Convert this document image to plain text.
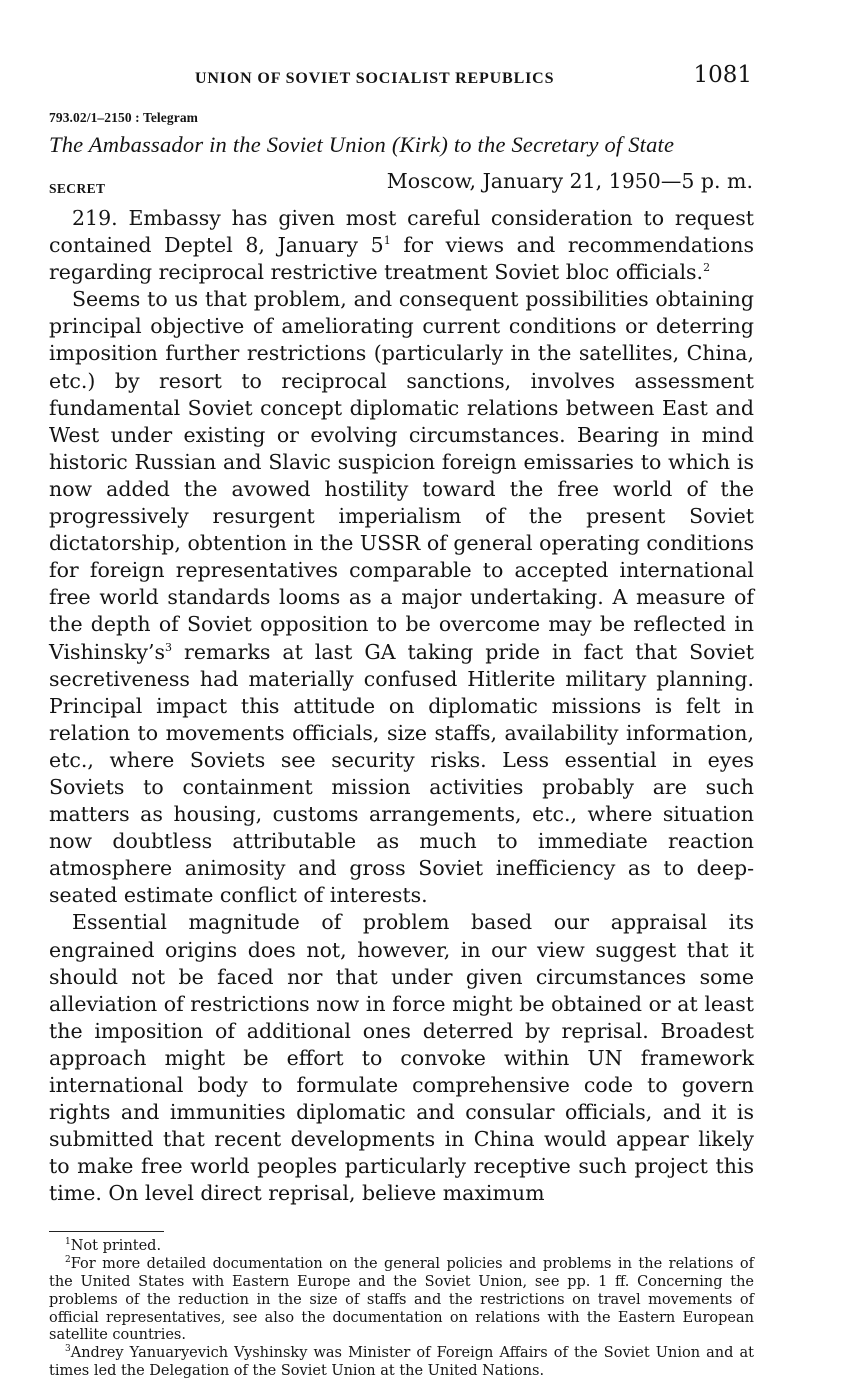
UNION OF SOVIET SOCIALIST REPUBLICS	1081
793.02/1–2150 : Telegram
The Ambassador in the Soviet Union (Kirk) to the Secretary of State
SECRET	Moscow, January 21, 1950—5 p. m.

219. Embassy has given most careful consideration to request contained Deptel 8, January $5^1$ for views and recommendations regarding reciprocal restrictive treatment Soviet bloc officials.$^2$

Seems to us that problem, and consequent possibilities obtaining principal objective of ameliorating current conditions or deterring imposition further restrictions (particularly in the satellites, China, etc.) by resort to reciprocal sanctions, involves assessment fundamental Soviet concept diplomatic relations between East and West under existing or evolving circumstances. Bearing in mind historic Russian and Slavic suspicion foreign emissaries to which is now added the avowed hostility toward the free world of the progressively resurgent imperialism of the present Soviet dictatorship, obtention in the USSR of general operating conditions for foreign representatives comparable to accepted international free world standards looms as a major undertaking. A measure of the depth of Soviet opposition to be overcome may be reflected in $Vishinsky’s^3$ remarks at last GA taking pride in fact that Soviet secretiveness had materially confused Hitlerite military planning. Principal impact this attitude on diplomatic missions is felt in relation to movements officials, size staffs, availability information, etc., where Soviets see security risks. Less essential in eyes Soviets to containment mission activities probably are such matters as housing, customs arrangements, etc., where situation now doubtless attributable as much to immediate reaction atmosphere animosity and gross Soviet inefficiency as to deep-seated estimate conflict of interests.

Essential magnitude of problem based our appraisal its engrained origins does not, however, in our view suggest that it should not be faced nor that under given circumstances some alleviation of restrictions now in force might be obtained or at least the imposition of additional ones deterred by reprisal. Broadest approach might be effort to convoke within UN framework international body to formulate comprehensive code to govern rights and immunities diplomatic and consular officials, and it is submitted that recent developments in China would appear likely to make free world peoples particularly receptive such project this time. On level direct reprisal, believe maximum

$^1$Not printed.

$^2$For more detailed documentation on the general policies and problems in the relations of the United States with Eastern Europe and the Soviet Union, see pp. 1 ff. Concerning the problems of the reduction in the size of staffs and the restrictions on travel movements of official representatives, see also the documentation on relations with the Eastern European satellite countries.

$^3$Andrey Yanuaryevich Vyshinsky was Minister of Foreign Affairs of the Soviet Union and at times led the Delegation of the Soviet Union at the United Nations.
